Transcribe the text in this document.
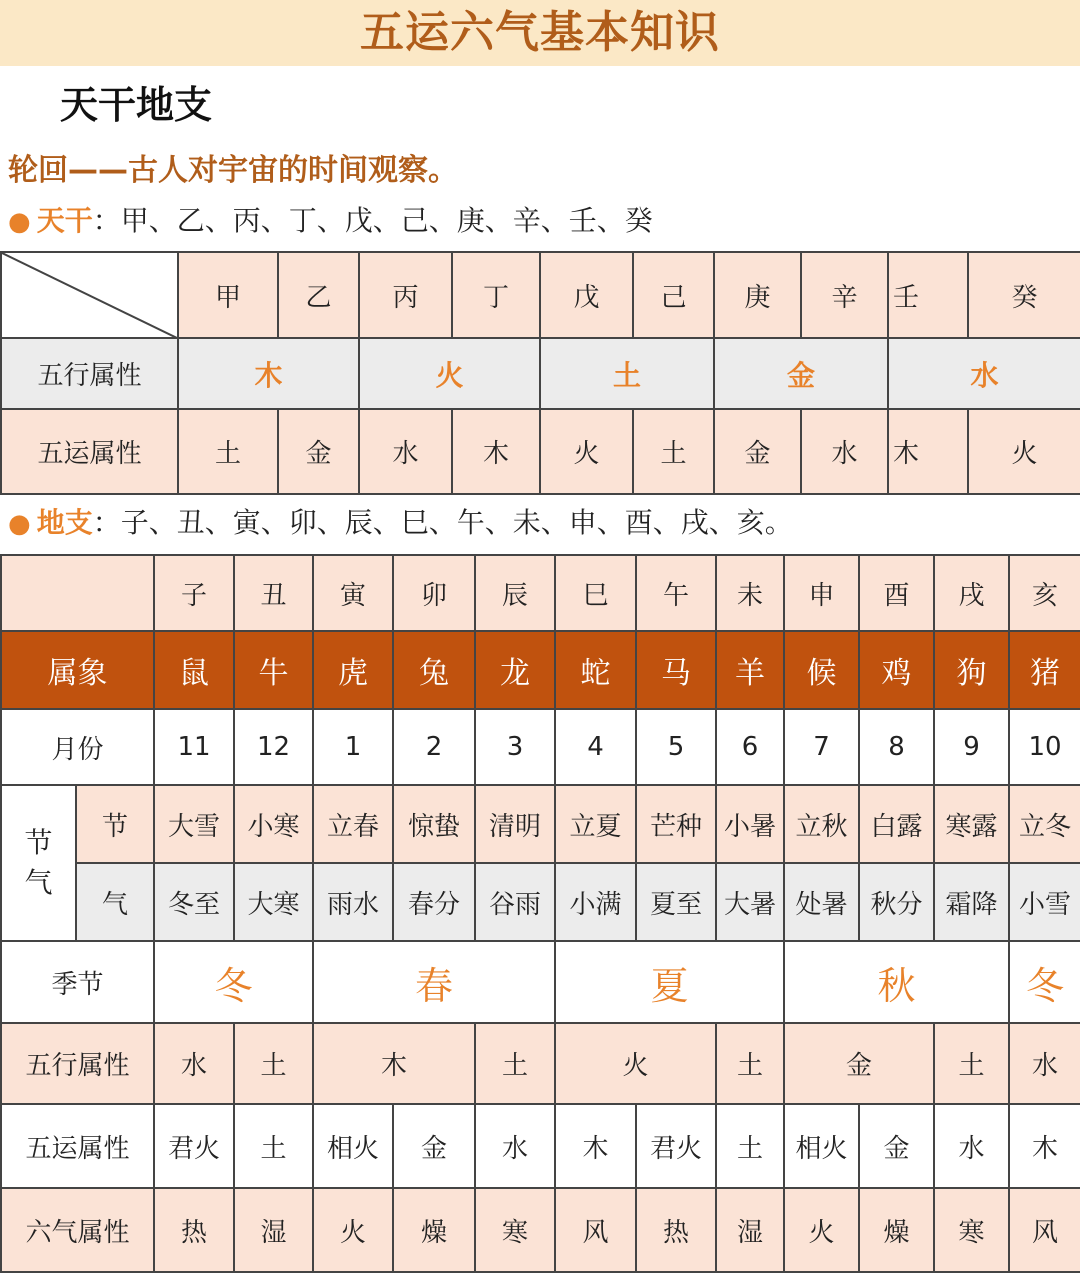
五运六气基本知识
天干地支
轮回——古人对宇宙的时间观察。
● 天干：甲、乙、丙、丁、戊、己、庚、辛、壬、癸
	甲	乙	丙	丁	戊	己	庚	辛	壬	癸
五行属性	木		火		土		金		水	
五运属性	土	金	水	木	火	土	金	水	木	火
● 地支：子、丑、寅、卯、辰、巳、午、未、申、酉、戌、亥。
		子	丑	寅	卯	辰	巳	午	未	申	酉	戌	亥
属象		鼠	牛	虎	兔	龙	蛇	马	羊	候	鸡	狗	猪
月份		11	12	1	2	3	4	5	6	7	8	9	10
节气	节	大雪	小寒	立春	惊蛰	清明	立夏	芒种	小暑	立秋	白露	寒露	立冬
	气	冬至	大寒	雨水	春分	谷雨	小满	夏至	大暑	处暑	秋分	霜降	小雪
季节		冬		春			夏			秋			冬
五行属性		水	土	木		土	火		土	金		土	水
五运属性		君火	土	相火	金	水	木	君火	土	相火	金	水	木
六气属性		热	湿	火	燥	寒	风	热	湿	火	燥	寒	风
